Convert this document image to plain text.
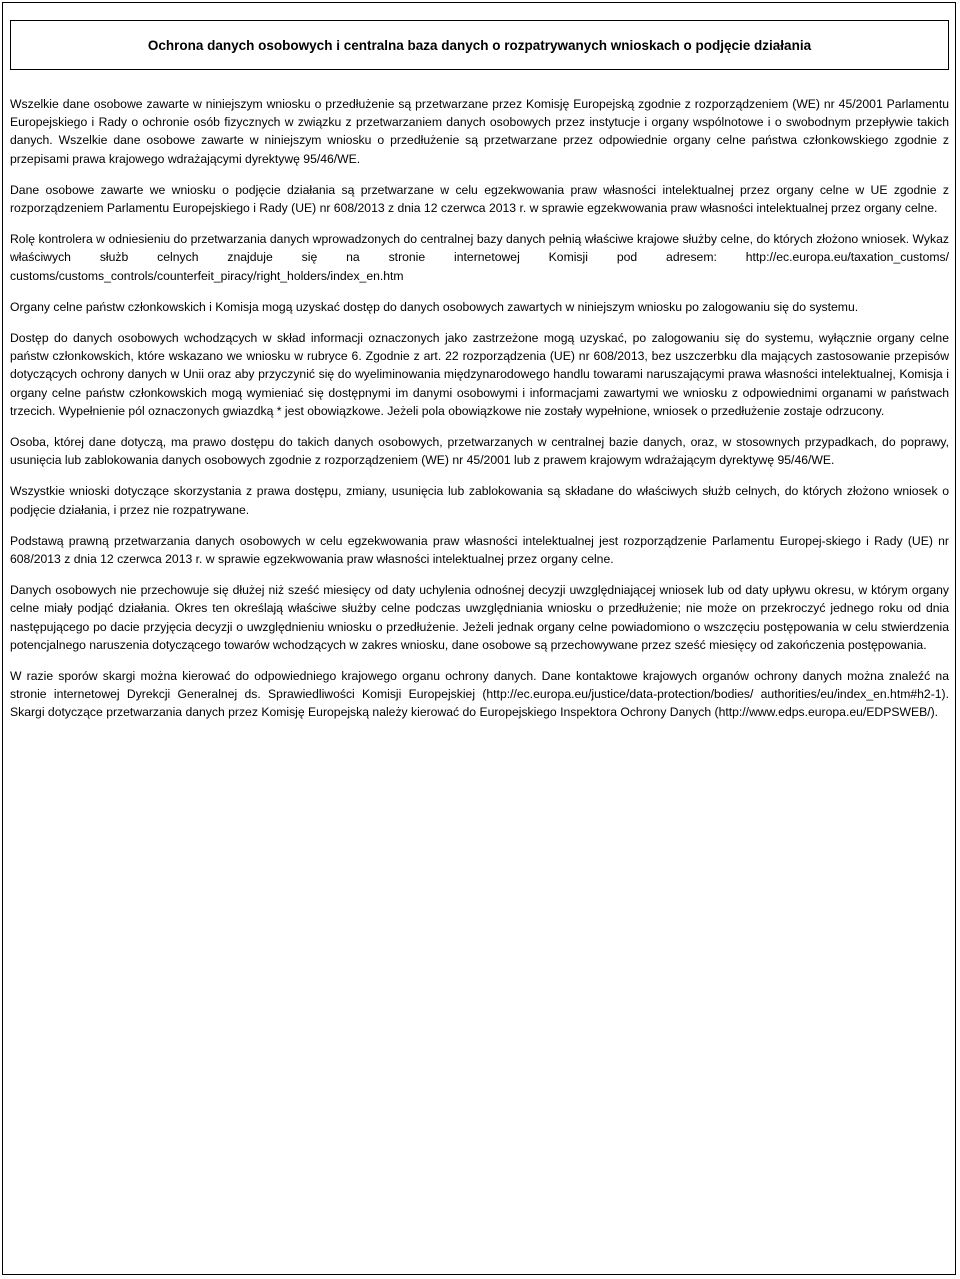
Ochrona danych osobowych i centralna baza danych o rozpatrywanych wnioskach o podjęcie działania

Wszelkie dane osobowe zawarte w niniejszym wniosku o przedłużenie są przetwarzane przez Komisję Europejską zgodnie z rozporządzeniem (WE) nr 45/2001 Parlamentu Europejskiego i Rady o ochronie osób fizycznych w związku z przetwarzaniem danych osobowych przez instytucje i organy wspólnotowe i o swobodnym przepływie takich danych. Wszelkie dane osobowe zawarte w niniejszym wniosku o przedłużenie są przetwarzane przez odpowiednie organy celne państwa członkowskiego zgodnie z przepisami prawa krajowego wdrażającymi dyrektywę 95/46/WE.

Dane osobowe zawarte we wniosku o podjęcie działania są przetwarzane w celu egzekwowania praw własności intelektualnej przez organy celne w UE zgodnie z rozporządzeniem Parlamentu Europejskiego i Rady (UE) nr 608/2013 z dnia 12 czerwca 2013 r. w sprawie egzekwowania praw własności intelektualnej przez organy celne.

Rolę kontrolera w odniesieniu do przetwarzania danych wprowadzonych do centralnej bazy danych pełnią właściwe krajowe służby celne, do których złożono wniosek. Wykaz właściwych służb celnych znajduje się na stronie internetowej Komisji pod adresem: http://ec.europa.eu/taxation_customs/ customs/customs_controls/counterfeit_piracy/right_holders/index_en.htm

Organy celne państw członkowskich i Komisja mogą uzyskać dostęp do danych osobowych zawartych w niniejszym wniosku po zalogowaniu się do systemu.

Dostęp do danych osobowych wchodzących w skład informacji oznaczonych jako zastrzeżone mogą uzyskać, po zalogowaniu się do systemu, wyłącznie organy celne państw członkowskich, które wskazano we wniosku w rubryce 6. Zgodnie z art. 22 rozporządzenia (UE) nr 608/2013, bez uszczerbku dla mających zastosowanie przepisów dotyczących ochrony danych w Unii oraz aby przyczynić się do wyeliminowania międzynarodowego handlu towarami naruszającymi prawa własności intelektualnej, Komisja i organy celne państw członkowskich mogą wymieniać się dostępnymi im danymi osobowymi i informacjami zawartymi we wniosku z odpowiednimi organami w państwach trzecich. Wypełnienie pól oznaczonych gwiazdką * jest obowiązkowe. Jeżeli pola obowiązkowe nie zostały wypełnione, wniosek o przedłużenie zostaje odrzucony.

Osoba, której dane dotyczą, ma prawo dostępu do takich danych osobowych, przetwarzanych w centralnej bazie danych, oraz, w stosownych przypadkach, do poprawy, usunięcia lub zablokowania danych osobowych zgodnie z rozporządzeniem (WE) nr 45/2001 lub z prawem krajowym wdrażającym dyrektywę 95/46/WE.

Wszystkie wnioski dotyczące skorzystania z prawa dostępu, zmiany, usunięcia lub zablokowania są składane do właściwych służb celnych, do których złożono wniosek o podjęcie działania, i przez nie rozpatrywane.

Podstawą prawną przetwarzania danych osobowych w celu egzekwowania praw własności intelektualnej jest rozporządzenie Parlamentu Europej-skiego i Rady (UE) nr 608/2013 z dnia 12 czerwca 2013 r. w sprawie egzekwowania praw własności intelektualnej przez organy celne.

Danych osobowych nie przechowuje się dłużej niż sześć miesięcy od daty uchylenia odnośnej decyzji uwzględniającej wniosek lub od daty upływu okresu, w którym organy celne miały podjąć działania. Okres ten określają właściwe służby celne podczas uwzględniania wniosku o przedłużenie; nie może on przekroczyć jednego roku od dnia następującego po dacie przyjęcia decyzji o uwzględnieniu wniosku o przedłużenie. Jeżeli jednak organy celne powiadomiono o wszczęciu postępowania w celu stwierdzenia potencjalnego naruszenia dotyczącego towarów wchodzących w zakres wniosku, dane osobowe są przechowywane przez sześć miesięcy od zakończenia postępowania.

W razie sporów skargi można kierować do odpowiedniego krajowego organu ochrony danych. Dane kontaktowe krajowych organów ochrony danych można znaleźć na stronie internetowej Dyrekcji Generalnej ds. Sprawiedliwości Komisji Europejskiej (http://ec.europa.eu/justice/data-protection/bodies/ authorities/eu/index_en.htm#h2-1). Skargi dotyczące przetwarzania danych przez Komisję Europejską należy kierować do Europejskiego Inspektora Ochrony Danych (http://www.edps.europa.eu/EDPSWEB/).
